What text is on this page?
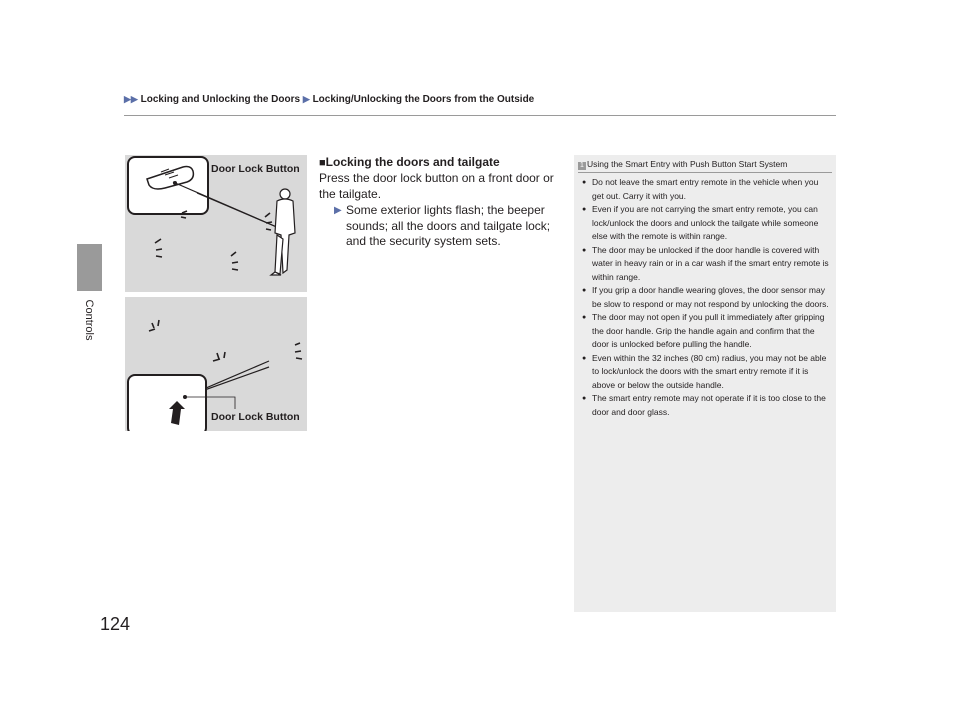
▶▶ Locking and Unlocking the Doors ▶ Locking/Unlocking the Doors from the Outside
Controls
Door Lock Button
Door Lock Button
■Locking the doors and tailgate
Press the door lock button on a front door or the tailgate.
▶ Some exterior lights flash; the beeper sounds; all the doors and tailgate lock; and the security system sets.
1 Using the Smart Entry with Push Button Start System
● Do not leave the smart entry remote in the vehicle when you get out. Carry it with you.
● Even if you are not carrying the smart entry remote, you can lock/unlock the doors and unlock the tailgate while someone else with the remote is within range.
● The door may be unlocked if the door handle is covered with water in heavy rain or in a car wash if the smart entry remote is within range.
● If you grip a door handle wearing gloves, the door sensor may be slow to respond or may not respond by unlocking the doors.
● The door may not open if you pull it immediately after gripping the door handle. Grip the handle again and confirm that the door is unlocked before pulling the handle.
● Even within the 32 inches (80 cm) radius, you may not be able to lock/unlock the doors with the smart entry remote if it is above or below the outside handle.
● The smart entry remote may not operate if it is too close to the door and door glass.
124
